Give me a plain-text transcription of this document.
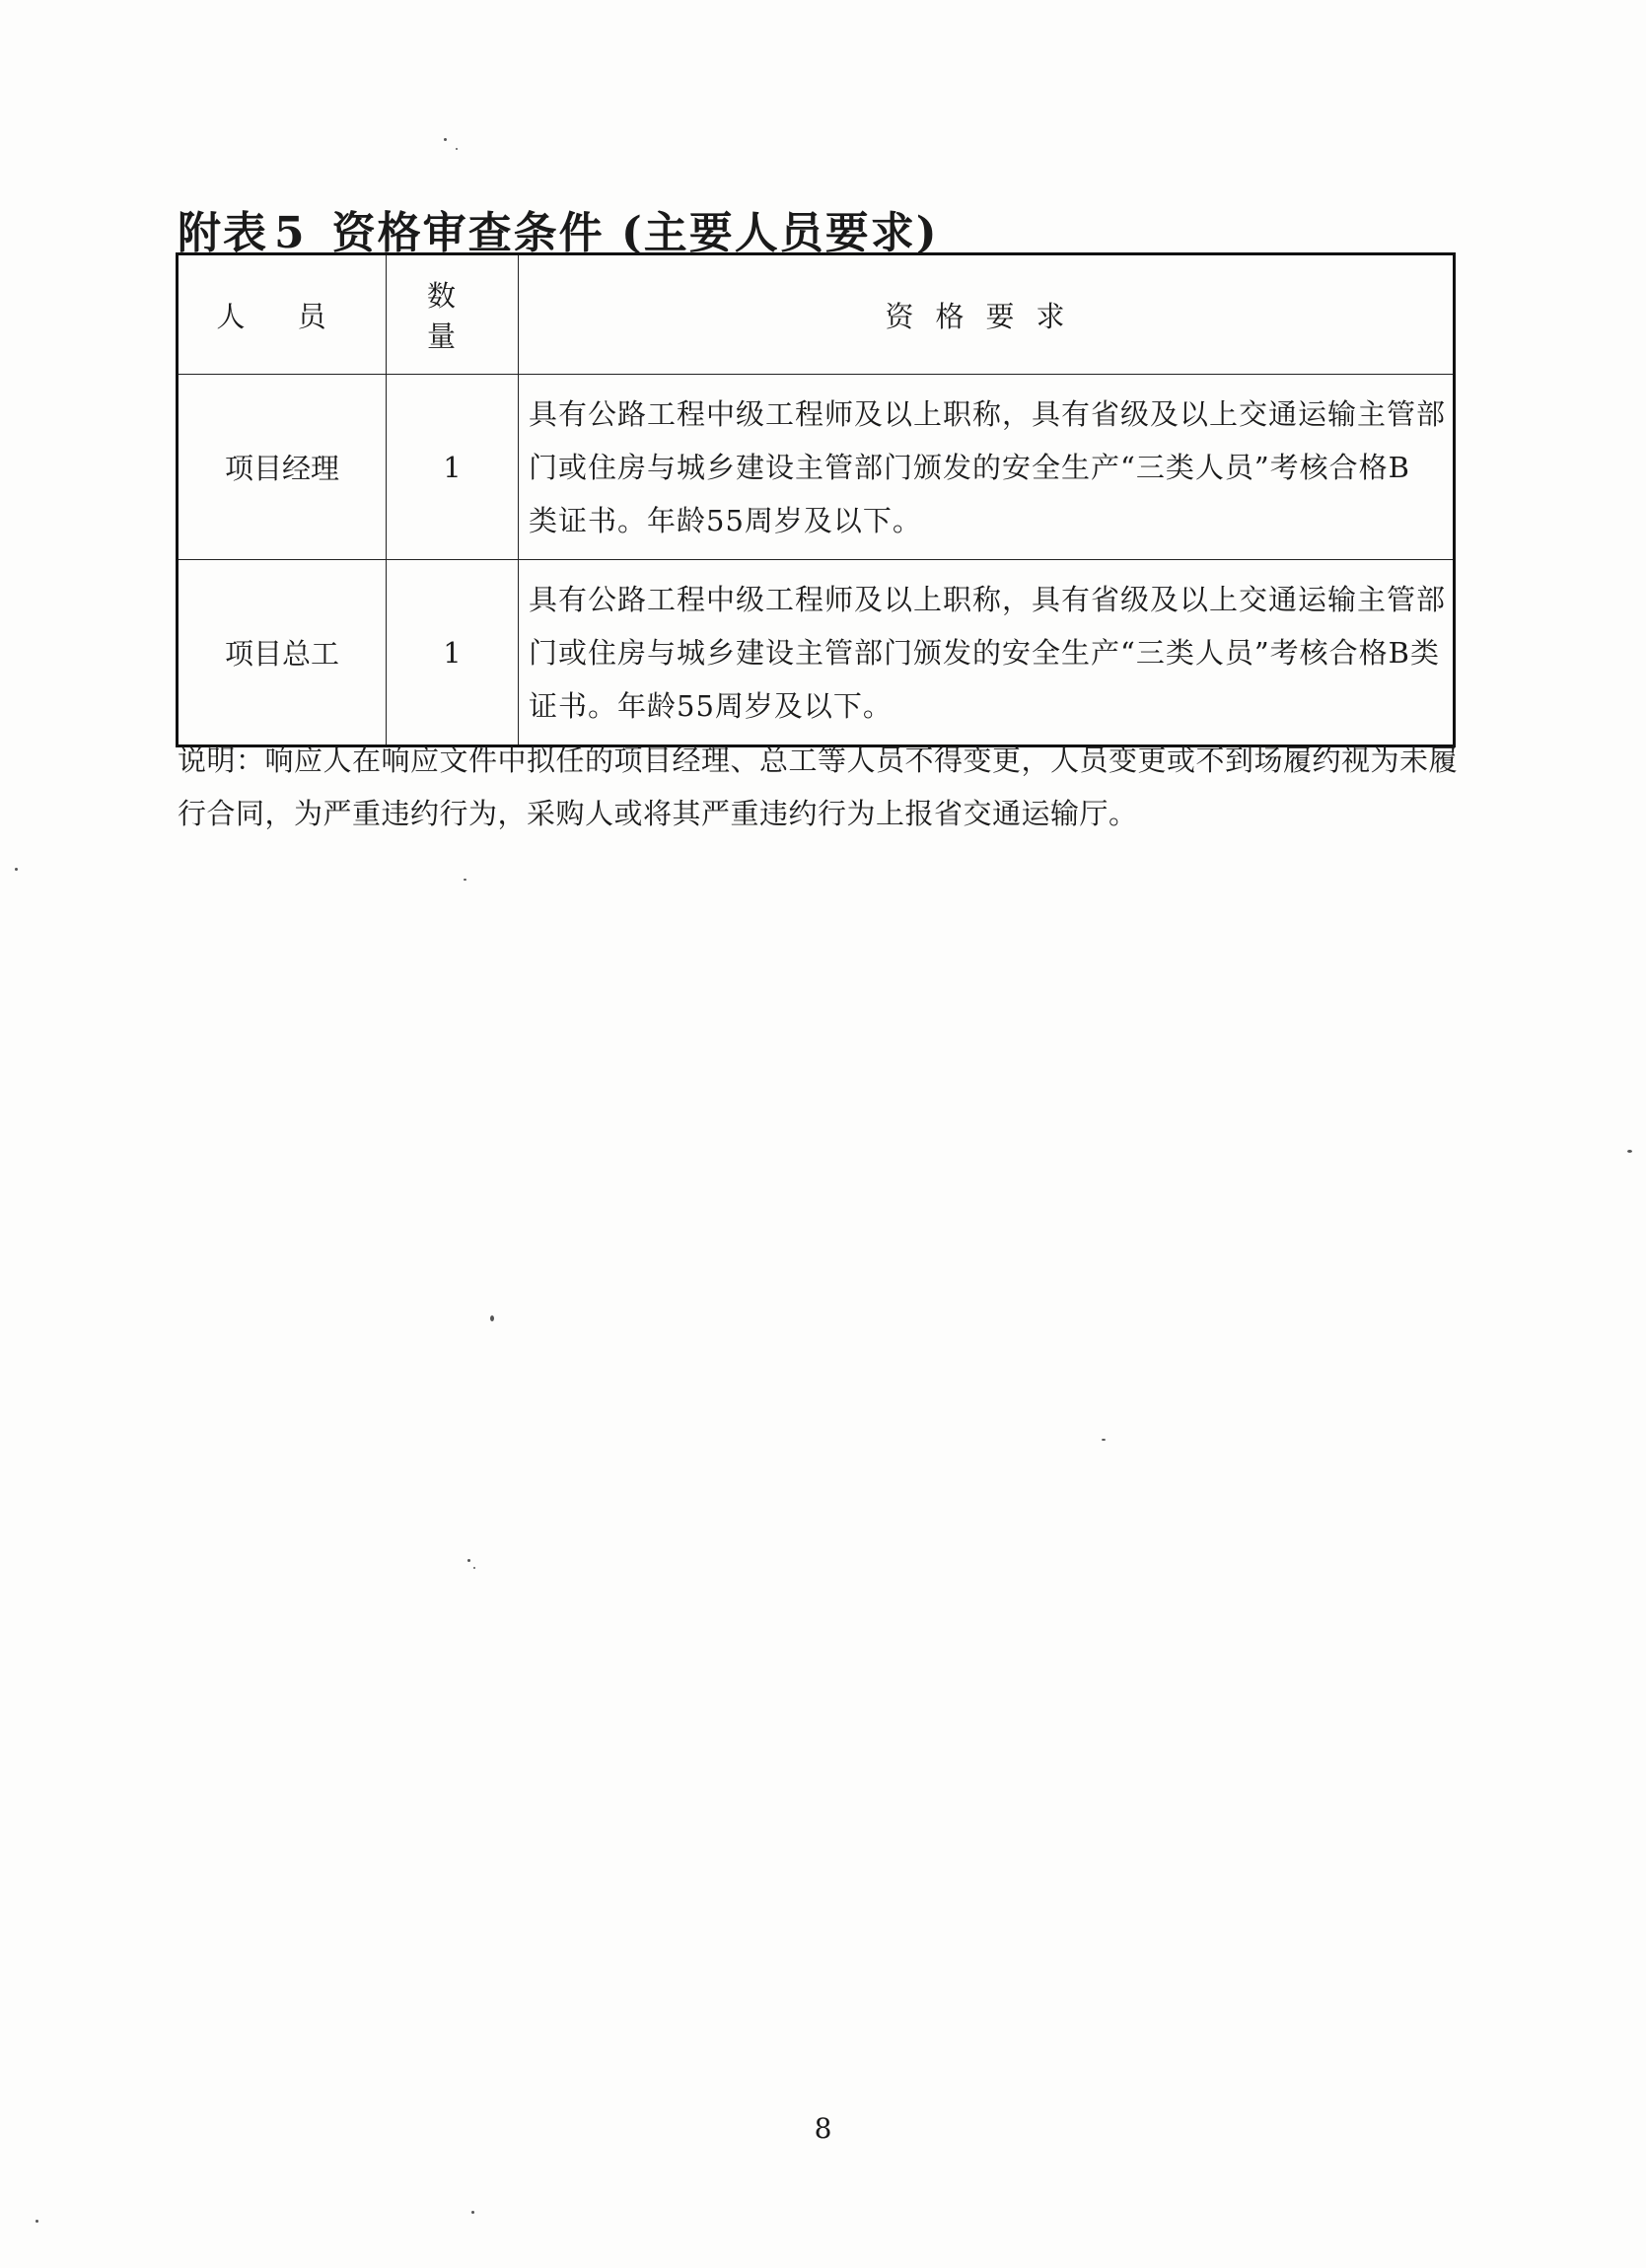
附表 5 资格审查条件 (主要人员要求)
人 员	数 量	资格要求
项目经理	1	具有公路工程中级工程师及以上职称，具有省级及以上交通运输主管部门或住房与城乡建设主管部门颁发的安全生产“三类人员”考核合格B 类证书。年龄55周岁及以下。
项目总工	1	具有公路工程中级工程师及以上职称，具有省级及以上交通运输主管部门或住房与城乡建设主管部门颁发的安全生产“三类人员”考核合格B类证书。年龄55周岁及以下。
说明：响应人在响应文件中拟任的项目经理、总工等人员不得变更，人员变更或不到场履约视为未履行合同，为严重违约行为，采购人或将其严重违约行为上报省交通运输厅。
8
